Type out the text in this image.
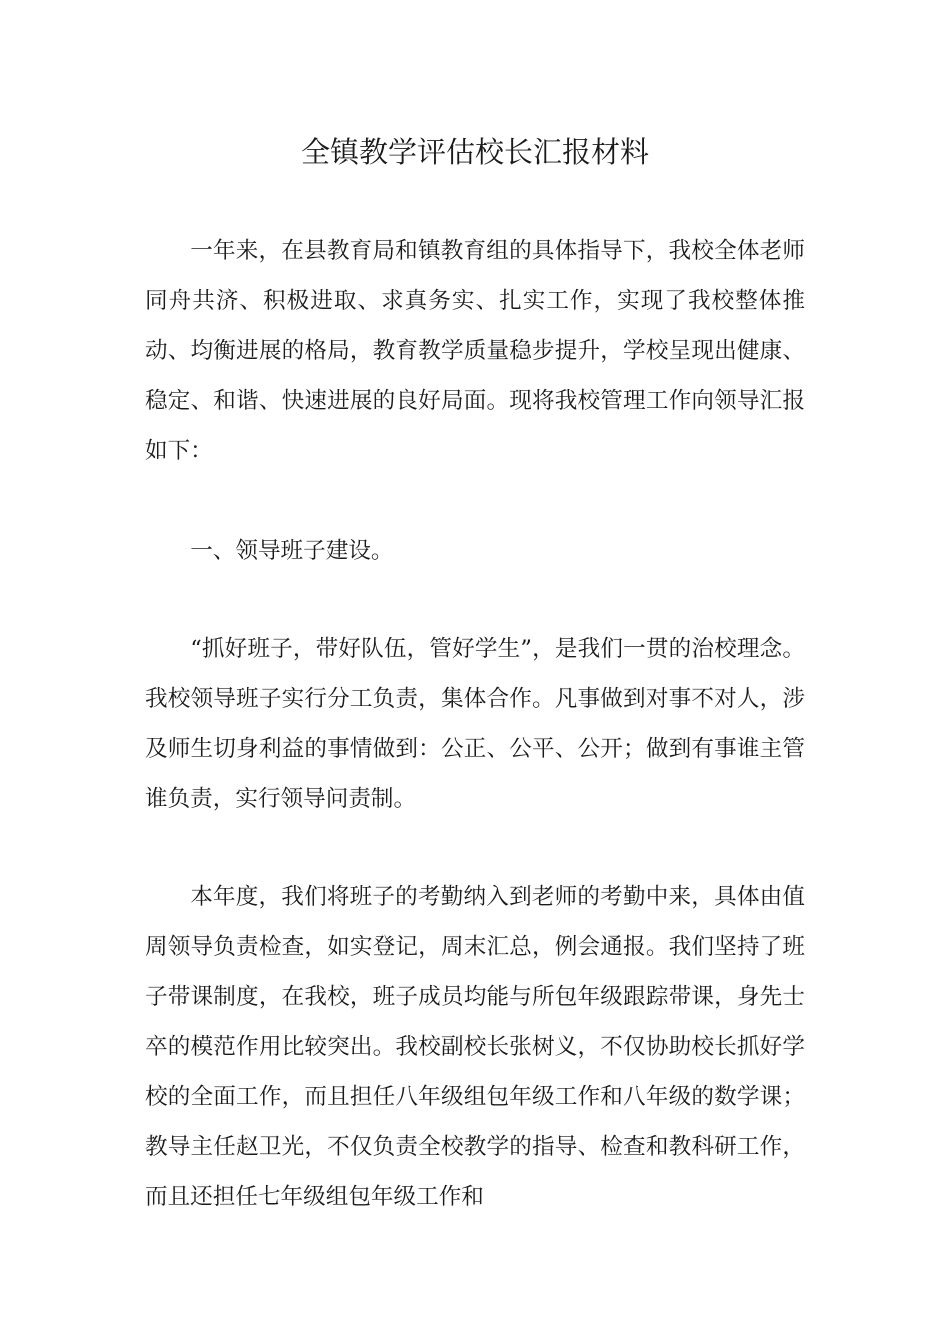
全镇教学评估校长汇报材料

一年来，在县教育局和镇教育组的具体指导下，我校全体老师同舟共济、积极进取、求真务实、扎实工作，实现了我校整体推动、均衡进展的格局，教育教学质量稳步提升，学校呈现出健康、稳定、和谐、快速进展的良好局面。现将我校管理工作向领导汇报如下：

一、领导班子建设。

“抓好班子，带好队伍，管好学生”，是我们一贯的治校理念。我校领导班子实行分工负责，集体合作。凡事做到对事不对人，涉及师生切身利益的事情做到：公正、公平、公开；做到有事谁主管谁负责，实行领导问责制。

本年度，我们将班子的考勤纳入到老师的考勤中来，具体由值周领导负责检查，如实登记，周末汇总，例会通报。我们坚持了班子带课制度，在我校，班子成员均能与所包年级跟踪带课，身先士卒的模范作用比较突出。我校副校长张树义，不仅协助校长抓好学校的全面工作，而且担任八年级组包年级工作和八年级的数学课；教导主任赵卫光，不仅负责全校教学的指导、检查和教科研工作，而且还担任七年级组包年级工作和
